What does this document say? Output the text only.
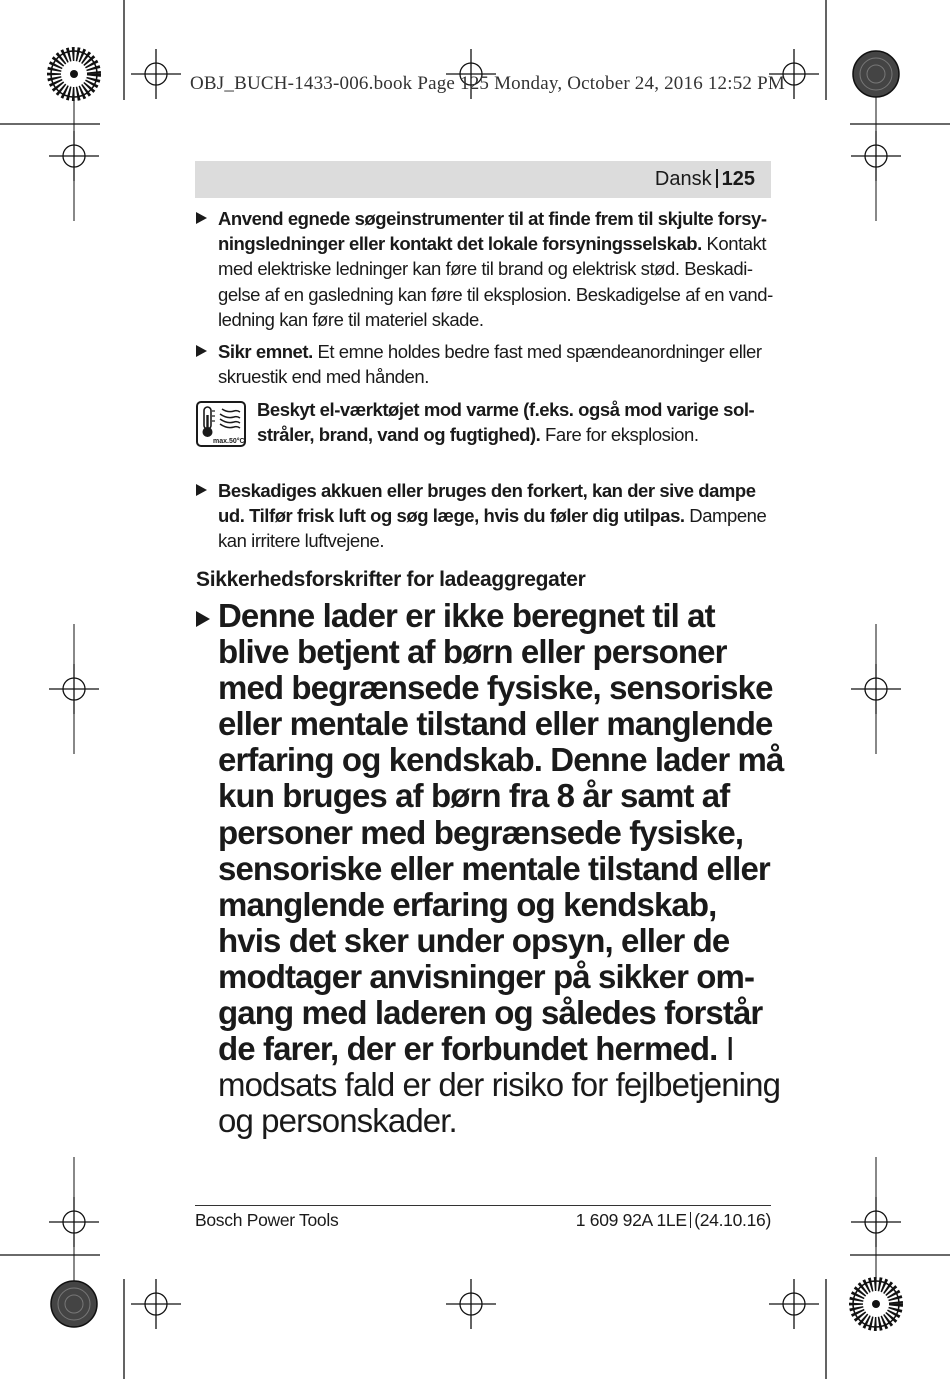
OBJ_BUCH-1433-006.book Page 125 Monday, October 24, 2016 12:52 PM
Dansk 125
Anvend egnede søgeinstrumenter til at finde frem til skjulte forsyningsledninger eller kontakt det lokale forsyningsselskab. Kontakt med elektriske ledninger kan føre til brand og elektrisk stød. Beskadigelse af en gasledning kan føre til eksplosion. Beskadigelse af en vandledning kan føre til materiel skade.
Sikr emnet. Et emne holdes bedre fast med spændeanordninger eller skruestik end med hånden.
max.50°C
Beskyt el-værktøjet mod varme (f.eks. også mod varige solstråler, brand, vand og fugtighed). Fare for eksplosion.
Beskadiges akkuen eller bruges den forkert, kan der sive dampe ud. Tilfør frisk luft og søg læge, hvis du føler dig utilpas. Dampene kan irritere luftvejene.
Sikkerhedsforskrifter for ladeaggregater
Denne lader er ikke beregnet til at blive betjent af børn eller personer med begrænsede fysiske, sensoriske eller mentale tilstand eller manglende erfaring og kendskab. Denne lader må kun bruges af børn fra 8 år samt af personer med begrænsede fysiske, sensoriske eller mentale tilstand eller manglende erfaring og kendskab, hvis det sker under opsyn, eller de modtager anvisninger på sikker omgang med laderen og således forstår de farer, der er forbundet hermed. I modsats fald er der risiko for fejlbetjening og personskader.
Bosch Power Tools	1 609 92A 1LE (24.10.16)
